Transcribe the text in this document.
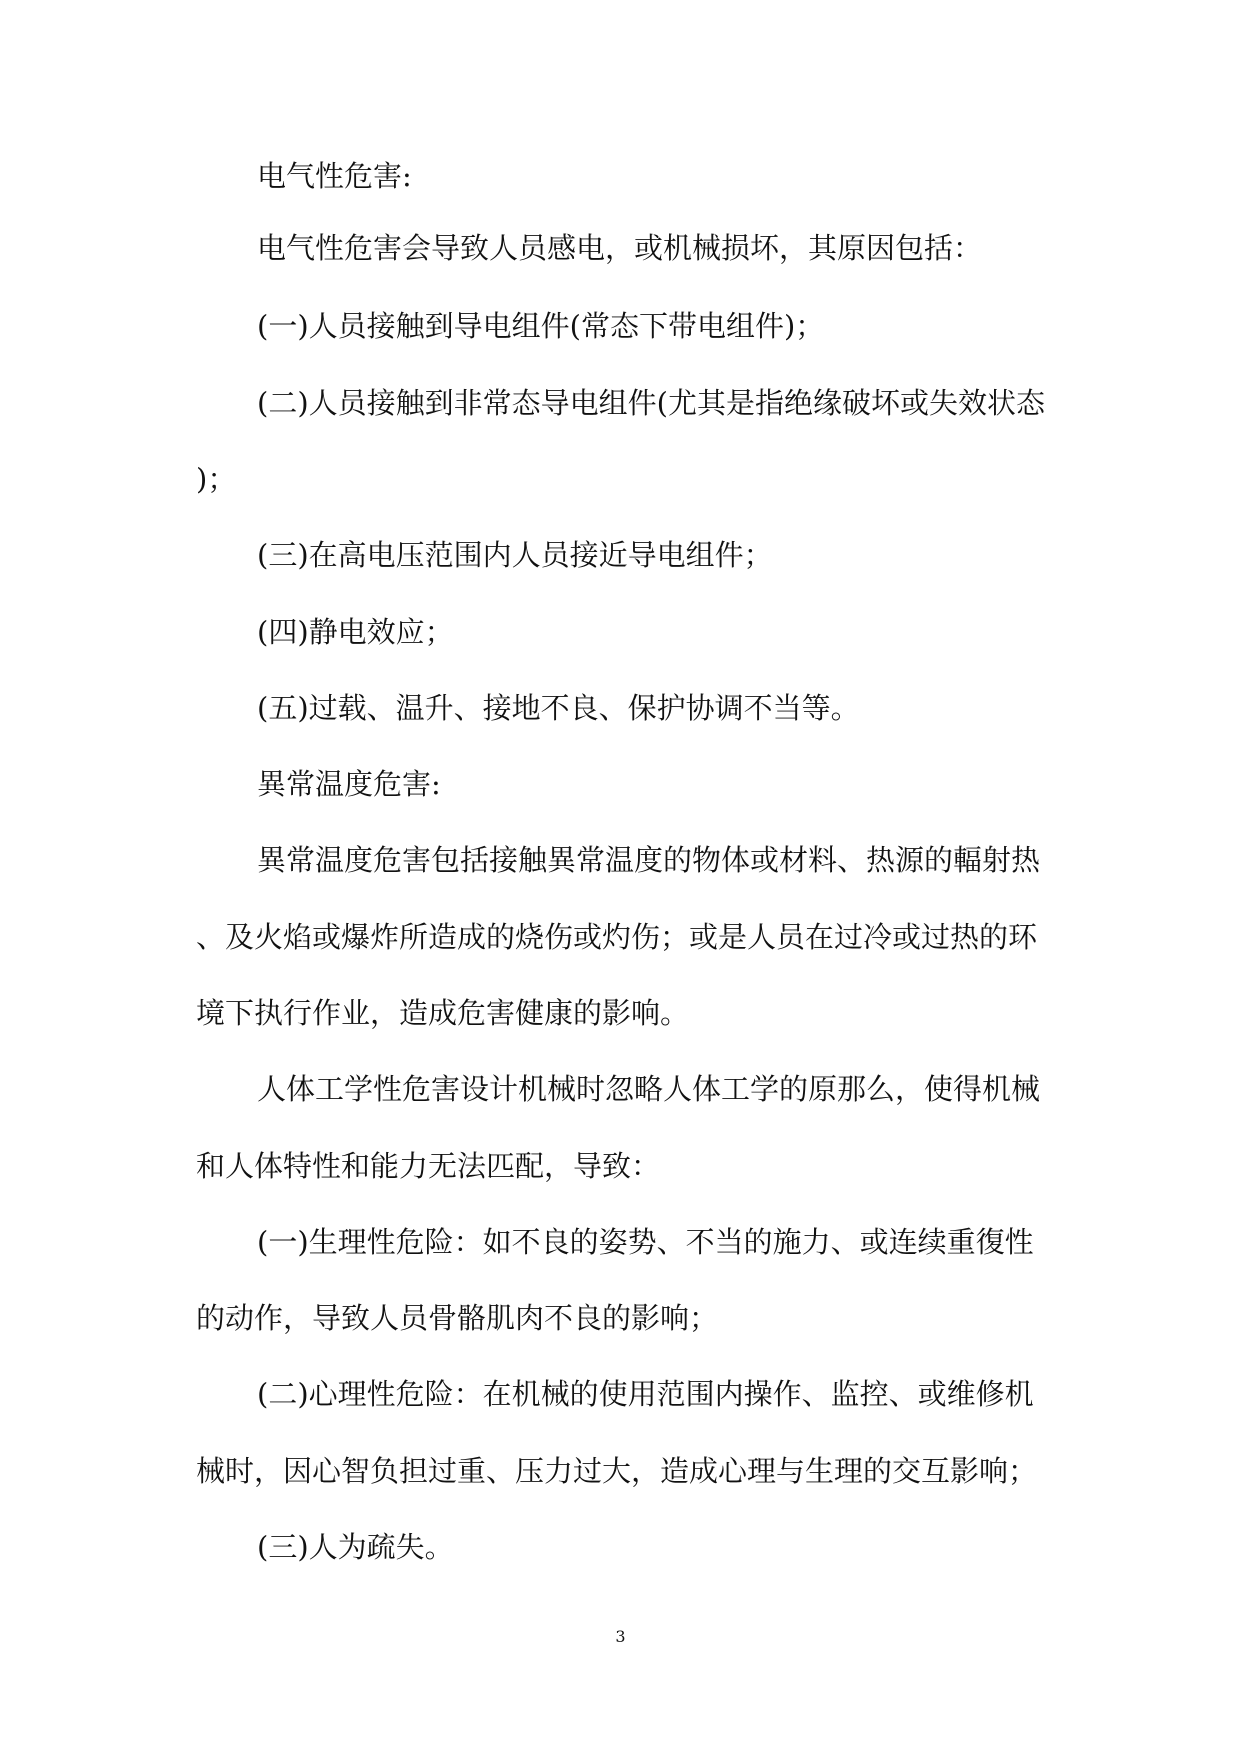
电气性危害:
电气性危害会导致人员感电，或机械损坏，其原因包括：
(一)人员接触到导电组件(常态下带电组件)；
(二)人员接触到非常态导电组件(尤其是指绝缘破坏或失效状态
)；
(三)在高电压范围内人员接近导电组件；
(四)静电效应；
(五)过载、温升、接地不良、保护协调不当等。
異常温度危害:
異常温度危害包括接触異常温度的物体或材料、热源的輻射热
、及火焰或爆炸所造成的烧伤或灼伤；或是人员在过冷或过热的环
境下执行作业，造成危害健康的影响。
人体工学性危害设计机械时忽略人体工学的原那么，使得机械
和人体特性和能力无法匹配，导致：
(一)生理性危险：如不良的姿势、不当的施力、或连续重復性
的动作，导致人员骨骼肌肉不良的影响；
(二)心理性危险：在机械的使用范围内操作、监控、或维修机
械时，因心智负担过重、压力过大，造成心理与生理的交互影响；
(三)人为疏失。
3
